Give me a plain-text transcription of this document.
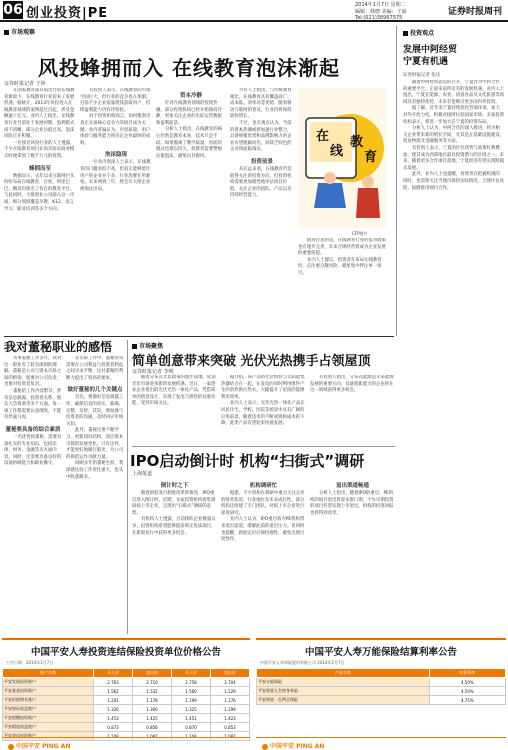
06 创业投资|PE
2014年1月7日 星期二
编辑：林晓 美编：王丽
Tel:(021)38967575
证券时报周刊
市场观察
风投蜂拥而入 在线教育泡沫渐起
证券时报记者 王婷

在国家教育部日前出台的在线教育新政下，在线教育行业迎来了发展机遇。据统计，2013年风投进入在线教育领域的案例超过百起，涉及金额逾十亿元。业内人士指出，在线教育行业目前处于发展初期，盈利模式尚不清晰，部分企业估值过高，泡沫风险正在积聚。

一位接近风投行业的人士透露，不少在线教育项目在尚未验证商业模式时便拿到了数千万元的投资。

蜂拥而至

数据显示，去年以来互联网巨头纷纷布局在线教育，百度、阿里巴巴、腾讯均推出了各自的教育平台。与此同时，大批创业公司涌入这一市场，细分领域覆盖早教、K12、语言学习、职业培训等多个方向。

有投资人表示，在线教育的市场空间巨大，但行业的竞争也在加剧。目前不少企业依靠烧钱获取用户，持续盈利能力仍有待检验。

对于投资机构而言，如何甄别出真正具备核心竞争力的项目成为关键。业内普遍认为，内容质量、用户体验与服务能力将决定企业最终的成败。

泡沫隐现

一位业内资深人士表示，在线教育的门槛看似不高，但真正能够留住用户的企业并不多，行业洗牌在所难免。未来两到三年，将会有大批企业被淘汰出局。

资本冷静

针对在线教育领域的投资热潮，部分投资机构已经开始保持冷静，更加关注企业的实际运营数据和盈利前景。

分析人士指出，在线教育的核心仍然是教育本身，技术只是手段。如果脱离了教学质量，再炫的模式也难以持久。投资者需要警惕估值泡沫，避免盲目跟风。

另有人士指出，与传统教育相比，在线教育具有覆盖面广、成本低、效率高等优势，随着移动互联网的普及，行业仍将保持较快增长。

不过，也有观点认为，当前的资本热潮或将加速行业整合，具备规模优势和品牌影响力的企业有望脱颖而出，而缺乏特色的企业将面临淘汰。

投资前景

从长远来看，在线教育仍是值得关注的投资方向，但投资机构需要更加理性地评估项目价值，关注企业的团队、产品以及持续经营能力。

在
线
教
育
CFP图片

值得注意的是，在线教育行业的监管政策也在逐步完善，未来合规经营将成为企业发展的重要前提。

业内人士建议，投资者在布局在线教育时，应注重分散风险，避免集中押注单一项目。

投资观点
发展中阿经贸
宁夏有机遇
证券时报记者 张达

随着中阿经贸论坛的召开，宁夏作为中阿合作的重要平台，正迎来前所未有的发展机遇。业内人士指出，宁夏在能源、农业、清真食品及文化旅游等领域具有独特优势，未来有望吸引更多国内外投资。

据了解，近年来宁夏持续优化营商环境，加大对外开放力度，积极对接阿拉伯国家市场。多家投资机构表示，将进一步加大在宁夏的投资布局。

分析人士认为，中阿合作的深入推进，将为相关企业带来新的增长空间，尤其是在基础设施建设、贸易物流及金融服务等方面。

有投资人表示，宁夏的区位优势与政策红利叠加，使其成为西部地区最具投资潜力的区域之一。未来，随着更多合作项目落地，宁夏经济有望实现跨越式发展。

此外，业内人士也提醒，投资者在把握机遇的同时，也需要关注当地市场的实际情况，合理评估风险，稳健推进项目合作。

我对董秘职业的感悟

从事董秘工作多年，我对这一职业有了较为深刻的理解。董秘是公司与资本市场之间的桥梁，既要对公司负责，也要对投资者负责。

董秘的工作内容繁杂，涉及信息披露、投资者关系、股东大会筹备等多个方面。每一项工作都需要认真细致，不能有丝毫马虎。

董秘要具备的综合素质

一名优秀的董秘，需要具备扎实的专业知识，包括法律、财务、金融等多方面内容。同时，还需要具备良好的沟通协调能力和职业操守。

在实际工作中，董秘常常需要在公司利益与投资者利益之间寻求平衡，这对董秘的判断力提出了很高的要求。

做好董秘的几个关键点

首先，要做好信息披露工作，确保信息的真实、准确、完整、及时。其次，要加强与投资者的沟通，及时回应市场关切。

此外，董秘还要不断学习，更新知识结构，适应资本市场的发展变化。只有这样，才能更好地履行职责，为公司的规范运作贡献力量。

回顾多年的董秘生涯，我深感这份工作责任重大，也从中收获颇多。

市场聚焦
简单创意带来突破 光伏光热携手占领屋顶
证券时报记者 李明

随着分布式光伏政策的逐步落地，屋顶光伏市场迎来新的发展机遇。近日，一家创业企业推出的光伏光热一体化产品，凭借简单的创意设计，实现了发电与供热的双重功能，受到市场关注。

据介绍，该产品将光伏组件与太阳能集热器结合在一起，在发电的同时利用组件产生的余热供应热水，大幅提升了屋顶的能源利用效率。

业内人士表示，光伏光热一体化产品在居民住宅、学校、医院等场景中具有广阔的应用前景。随着技术的不断成熟和成本的下降，此类产品有望迎来快速发展。

有投资人指出，分布式能源是未来能源发展的重要方向，具备创新能力的企业将在这一领域获得更多机会。

IPO启动倒计时 机构“扫街式”调研
上海报道
倒计时之下

随着新股发行制度改革的推进，IPO重启进入倒计时。近期，多家投资机构密集调研拟上市企业，呈现出“扫街式”调研的态势。

有机构人士透露，目前排队企业数量众多，投资机构希望能够提前锁定优质项目，在新股发行中获得更多机会。

机构调研忙

据悉，不少机构在调研中重点关注企业的财务状况、行业地位及未来成长性。部分机构还组建了专门团队，对拟上市企业进行深度研究。

业内人士认为，IPO重启将为PE机构带来退出渠道，缓解此前的退出压力。但同时也提醒，新股定价应保持理性，避免出现过度炒作。

退出渠道畅通

分析人士指出，随着IPO的重启，PE机构的项目退出将迎来窗口期，不少早期投资的项目有望实现上市退出，机构的投资回报也将得到改善。

中国平安人寿投资连结保险投资单位价格公告
公告日期：2014年1月7日
账户名称	买入价	卖出价	买入价	卖出价
平安发展投资账户	2.763	2.710	2.758	2.704
平安基金投资账户	1.562	1.532	1.560	1.529
平安价值增长账户	1.201	1.178	1.199	1.176
平安保证收益账户	1.326	1.300	1.325	1.299
平安稳健投资账户	1.453	1.425	1.451	1.423
平安精选权益账户	0.873	0.856	0.870	0.853
平安货币投资账户	1.108	1.087	1.108	1.087
中国平安 PING AN
中国平安人寿万能保险结算利率公告
中国平安人寿保险股份有限公司 2014年1月7日
产品名称	结算利率
平安万能保险	4.50%
平安智富人生终身寿险	4.50%
平安财富一生两全保险	4.75%
中国平安 PING AN
